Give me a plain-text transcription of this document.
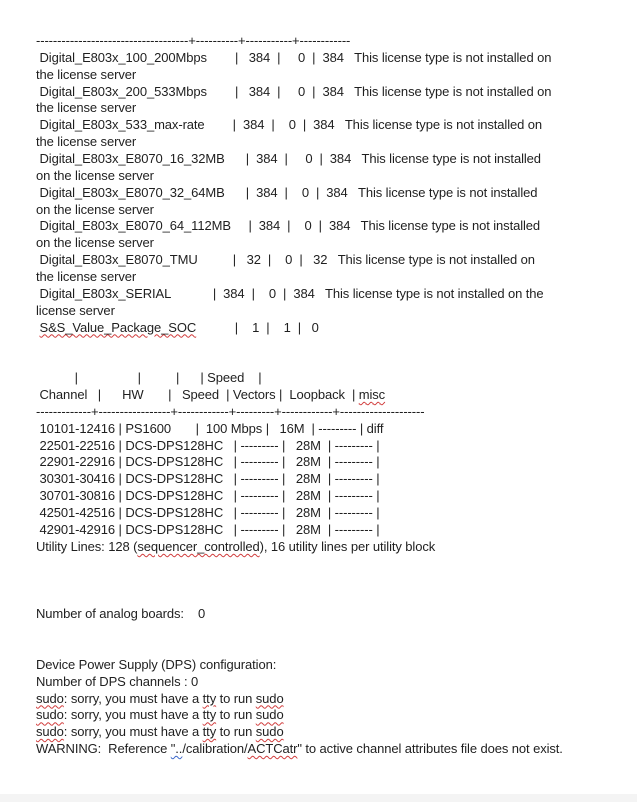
------------------------------------+----------+-----------+------------
Digital_E803x_100_200Mbps        |   384  |     0  |  384   This license type is not installed on
the license server
Digital_E803x_200_533Mbps        |   384  |     0  |  384   This license type is not installed on
the license server
Digital_E803x_533_max-rate        |  384  |    0  |  384   This license type is not installed on
the license server
Digital_E803x_E8070_16_32MB      |  384  |     0  |  384   This license type is not installed
on the license server
Digital_E803x_E8070_32_64MB      |  384  |    0  |  384   This license type is not installed
on the license server
Digital_E803x_E8070_64_112MB     |  384  |    0  |  384   This license type is not installed
on the license server
Digital_E803x_E8070_TMU          |   32  |    0  |   32   This license type is not installed on
the license server
Digital_E803x_SERIAL            |  384  |    0  |  384   This license type is not installed on the
license server
S&S_Value_Package_SOC           |    1  |    1  |   0

|                 |          |      | Speed    |
Channel   |      HW       |   Speed  | Vectors |  Loopback  | misc
-------------+-----------------+------------+---------+------------+--------------------
10101-12416 | PS1600       |  100 Mbps |   16M  | --------- | diff
22501-22516 | DCS-DPS128HC   | --------- |   28M  | --------- |
22901-22916 | DCS-DPS128HC   | --------- |   28M  | --------- |
30301-30416 | DCS-DPS128HC   | --------- |   28M  | --------- |
30701-30816 | DCS-DPS128HC   | --------- |   28M  | --------- |
42501-42516 | DCS-DPS128HC   | --------- |   28M  | --------- |
42901-42916 | DCS-DPS128HC   | --------- |   28M  | --------- |
Utility Lines: 128 (sequencer_controlled), 16 utility lines per utility block

Number of analog boards:    0

Device Power Supply (DPS) configuration:
Number of DPS channels : 0
sudo: sorry, you must have a tty to run sudo
sudo: sorry, you must have a tty to run sudo
sudo: sorry, you must have a tty to run sudo
WARNING:  Reference "../calibration/ACTCatr" to active channel attributes file does not exist.
